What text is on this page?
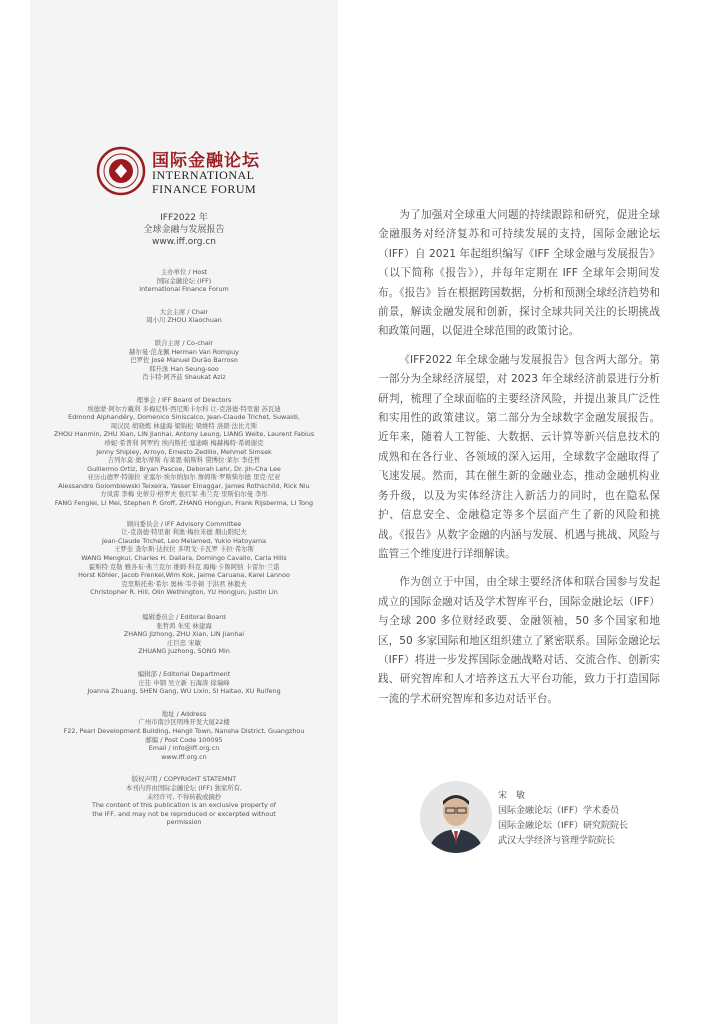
国际金融论坛
INTERNATIONAL
FINANCE FORUM
IFF2022 年
全球金融与发展报告
www.iff.org.cn
主办单位 / Host
国际金融论坛 (IFF)
International Finance Forum
大会主席 / Chair
周小川 ZHOU Xiaochuan
联合主席 / Co-chair
赫尔曼·范龙佩 Herman Van Rompuy
巴罗佐 José Manuel Durão Barroso
韩升洙 Han Seung-soo
肖卡特·阿齐兹 Shaukat Aziz
理事会 / IFF Board of Directors
埃德蒙·阿尔方戴利 多梅尼科·西尼斯卡尔科 让-克洛德·特里谢 苏瓦迪
Edmond Alphandéry, Domenico Siniscalco, Jean-Claude Trichet, Suwaidi,
周汉民 胡晓炼 林建海 梁锦松 梁维特 洛朗·法比尤斯
ZHOU Hanmin, ZHU Xian, LIN Jianhai, Antony Leung, LIANG Weite, Laurent Fabius
珍妮·希普利 阿罗约 埃内斯托·塞迪略 梅赫梅特·希姆谢克
Jenny Shipley, Arroyo, Ernesto Zedillo, Mehmet Simsek
吉列尔莫·奥尔蒂斯 布莱恩·帕斯科 黛博拉·莱尔 李佳哲
Guillermo Ortiz, Bryan Pascoe, Deborah Lehr, Dr. Jih-Cha Lee
亚历山德罗·特谢拉 亚塞尔·埃尔纳加尔 詹姆斯·罗斯柴尔德 里克·尼亚
Alessandro Golombiewski Teixeira, Yasser Elnaggar, James Rothschild, Rick Niu
方凤雷 李梅 史蒂芬·格罗夫 张红军 弗兰克·里斯伯尔曼 李彤
FANG Fenglei, LI Mei, Stephen P. Groff, ZHANG Hongjun, Frank Rijsberma, LI Tong
顾问委员会 / IFF Advisory Committee
让-克洛德·特里谢 利奥·梅拉米德 畑山阳纪夫
Jean-Claude Trichet, Leo Melamed, Yukio Hatoyama
王梦奎 查尔斯·达拉拉 多明戈·卡瓦罗 卡拉·希尔斯
WANG Mengkui, Charles H. Dallara, Domingo Cavallo, Carla Hills
霍斯特·克勒 雅各布·弗兰克尔 维姆·科克 海梅·卡鲁阿纳 卡雷尔·兰诺
Horst Köhler, Jacob Frenkel,Wim Kok, Jaime Caruana, Karel Lannoo
克里斯托弗·希尔 奥林·韦辛顿 于洪君 林毅夫
Christopher R. Hill, Olin Wethington, YU Hongjun, Justin Lin
编辑委员会 / Editoral Board
张哲鸿 朱宪 林建海
ZHANG Jizhong, ZHU Xian, LIN Jianhai
庄巨忠 宋敏
ZHUANG Juzhong, SONG Min
编辑部 / Editorial Department
庄佳 申钢 吴立新 石海涛 徐瑞峰
Joanna Zhuang, SHEN Gang, WU Lixin, SI Haitao, XU Ruifeng
地址 / Address
广州市南沙区明珠开发大厦22楼
F22, Pearl Development Building, Hengli Town, Nansha District, Guangzhou
邮编 / Post Code 100095
Email / info@iff.org.cn
www.iff.org.cn
版权声明 / COPYRIGHT STATEMNT
本刊内容由国际金融论坛 (IFF) 独家所有,
未经许可, 不得转载或摘抄
The content of this publication is an exclusive property of
the IFF, and may not be reproduced or excerpted without
permission

为了加强对全球重大问题的持续跟踪和研究，促进全球金融服务对经济复苏和可持续发展的支持，国际金融论坛（IFF）自 2021 年起组织编写《IFF 全球金融与发展报告》（以下简称《报告》），并每年定期在 IFF 全球年会期间发布。《报告》旨在根据跨国数据，分析和预测全球经济趋势和前景，解读金融发展和创新，探讨全球共同关注的长期挑战和政策问题，以促进全球范围的政策讨论。

《IFF2022 年全球金融与发展报告》包含两大部分。第一部分为全球经济展望，对 2023 年全球经济前景进行分析研判，梳理了全球面临的主要经济风险，并提出兼具广泛性和实用性的政策建议。第二部分为全球数字金融发展报告。近年来，随着人工智能、大数据、云计算等新兴信息技术的成熟和在各行业、各领域的深入运用，全球数字金融取得了飞速发展。然而，其在催生新的金融业态，推动金融机构业务升级，以及为实体经济注入新活力的同时，也在隐私保护、信息安全、金融稳定等多个层面产生了新的风险和挑战。《报告》从数字金融的内涵与发展、机遇与挑战、风险与监管三个维度进行详细解读。

作为创立于中国，由全球主要经济体和联合国参与发起成立的国际金融对话及学术智库平台，国际金融论坛（IFF）与全球 200 多位财经政要、金融领袖，50 多个国家和地区，50 多家国际和地区组织建立了紧密联系。国际金融论坛（IFF）将进一步发挥国际金融战略对话、交流合作、创新实践、研究智库和人才培养这五大平台功能，致力于打造国际一流的学术研究智库和多边对话平台。

宋　敏
国际金融论坛（IFF）学术委员
国际金融论坛（IFF）研究院院长
武汉大学经济与管理学院院长
